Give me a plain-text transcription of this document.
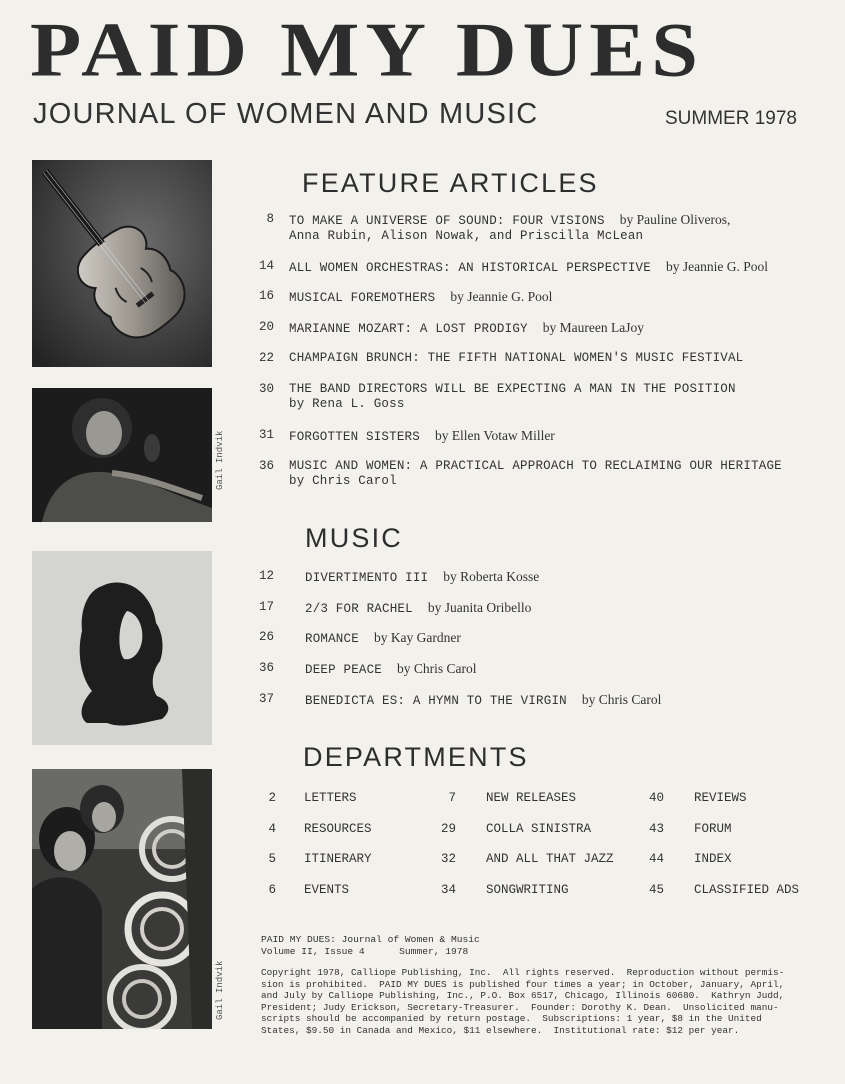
PAID MY DUES
JOURNAL OF WOMEN AND MUSIC	SUMMER 1978
Gail Indvik
Gail Indvik
FEATURE ARTICLES
8 TO MAKE A UNIVERSE OF SOUND: FOUR VISIONS by Pauline Oliveros,
Anna Rubin, Alison Nowak, and Priscilla McLean
14 ALL WOMEN ORCHESTRAS: AN HISTORICAL PERSPECTIVE by Jeannie G. Pool
16 MUSICAL FOREMOTHERS by Jeannie G. Pool
20 MARIANNE MOZART: A LOST PRODIGY by Maureen LaJoy
22 CHAMPAIGN BRUNCH: THE FIFTH NATIONAL WOMEN'S MUSIC FESTIVAL
30 THE BAND DIRECTORS WILL BE EXPECTING A MAN IN THE POSITION
by Rena L. Goss
31 FORGOTTEN SISTERS by Ellen Votaw Miller
36 MUSIC AND WOMEN: A PRACTICAL APPROACH TO RECLAIMING OUR HERITAGE
by Chris Carol
MUSIC
12 DIVERTIMENTO III by Roberta Kosse
17 2/3 FOR RACHEL by Juanita Oribello
26 ROMANCE by Kay Gardner
36 DEEP PEACE by Chris Carol
37 BENEDICTA ES: A HYMN TO THE VIRGIN by Chris Carol
DEPARTMENTS
2 LETTERS
4 RESOURCES
5 ITINERARY
6 EVENTS
7 NEW RELEASES
29 COLLA SINISTRA
32 AND ALL THAT JAZZ
34 SONGWRITING
40 REVIEWS
43 FORUM
44 INDEX
45 CLASSIFIED ADS
PAID MY DUES: Journal of Women & Music
Volume II, Issue 4      Summer, 1978
Copyright 1978, Calliope Publishing, Inc.  All rights reserved.  Reproduction without permis-
sion is prohibited.  PAID MY DUES is published four times a year; in October, January, April,
and July by Calliope Publishing, Inc., P.O. Box 6517, Chicago, Illinois 60680.  Kathryn Judd,
President; Judy Erickson, Secretary-Treasurer.  Founder: Dorothy K. Dean.  Unsolicited manu-
scripts should be accompanied by return postage.  Subscriptions: 1 year, $8 in the United
States, $9.50 in Canada and Mexico, $11 elsewhere.  Institutional rate: $12 per year.
